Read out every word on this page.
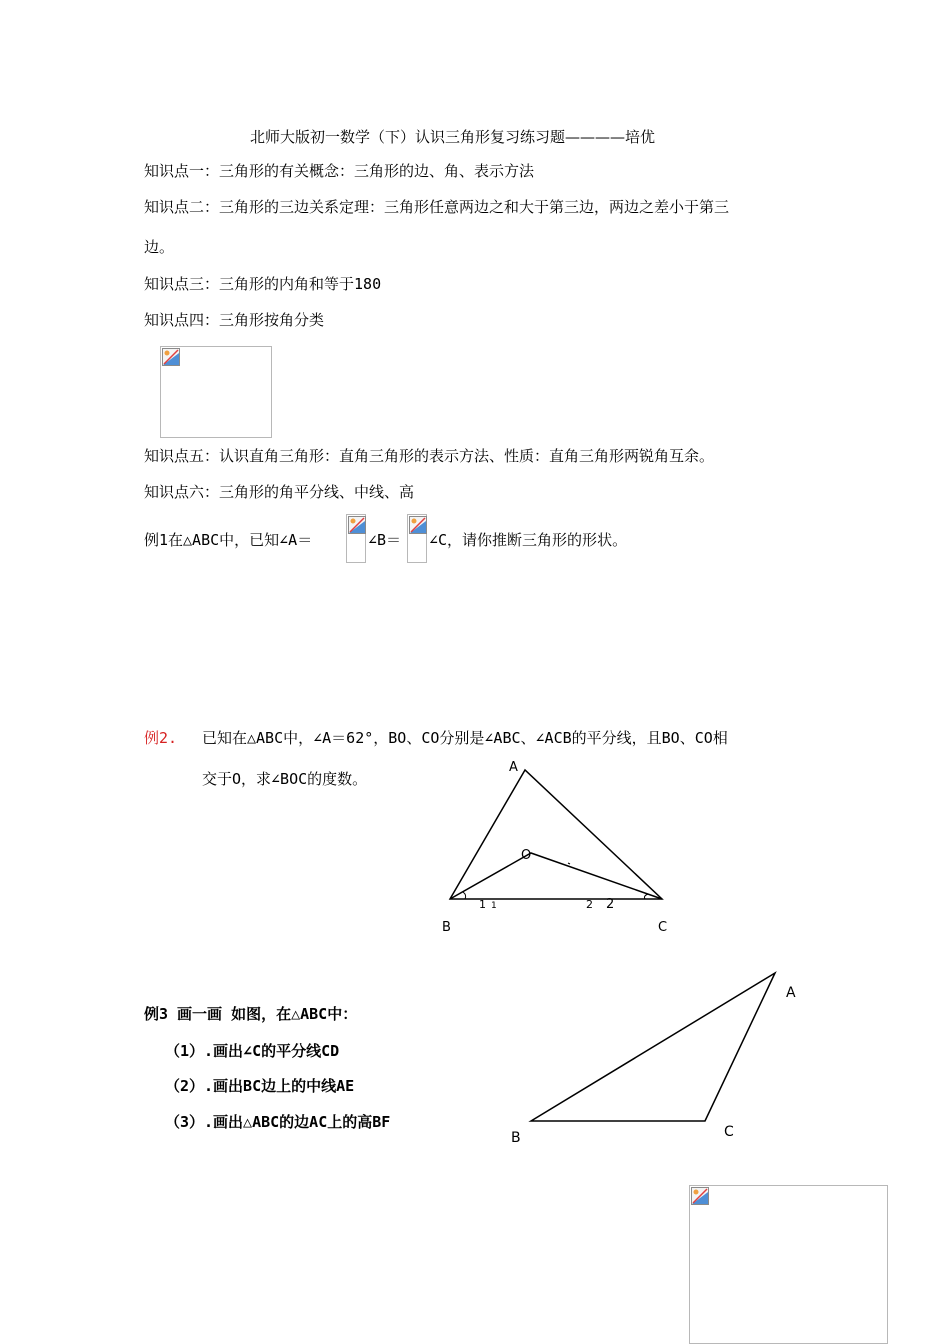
北师大版初一数学（下）认识三角形复习练习题————培优
知识点一：三角形的有关概念：三角形的边、角、表示方法
知识点二：三角形的三边关系定理：三角形任意两边之和大于第三边，两边之差小于第三
边。
知识点三：三角形的内角和等于180
知识点四：三角形按角分类
知识点五：认识直角三角形：直角三角形的表示方法、性质：直角三角形两锐角互余。
知识点六：三角形的角平分线、中线、高
例1在△ABC中，已知∠A＝	∠B＝ ∠C，请你推断三角形的形状。
例2. 已知在△ABC中，∠A＝62°，BO、CO分别是∠ABC、∠ACB的平分线，且BO、CO相
交于O，求∠BOC的度数。
A
O
B	C
1 1	2 2
例3 画一画 如图，在△ABC中：
（1）.画出∠C的平分线CD
（2）.画出BC边上的中线AE
（3）.画出△ABC的边AC上的高BF
A
B	C
